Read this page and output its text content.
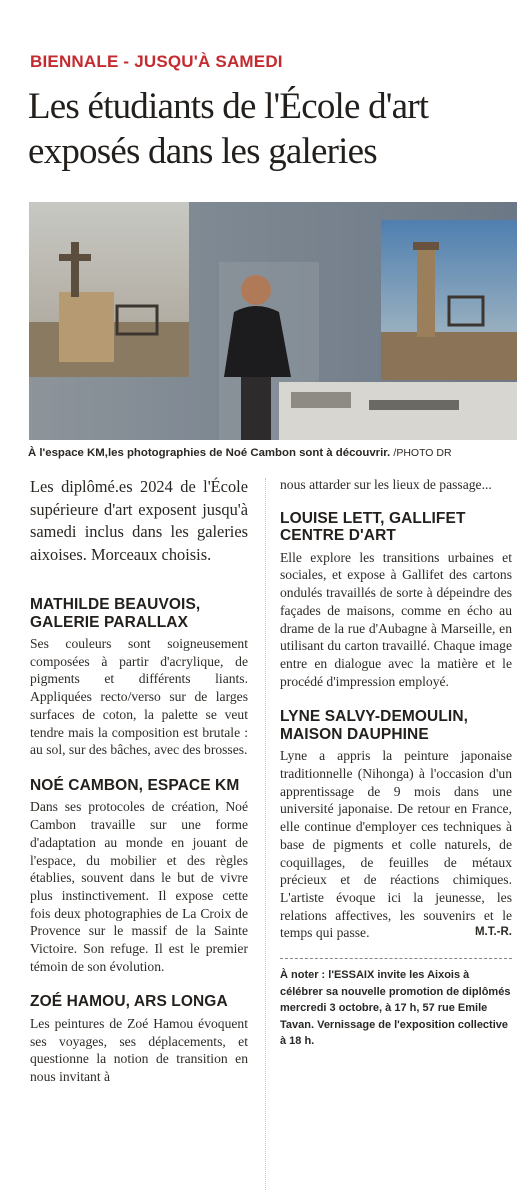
BIENNALE - JUSQU'À SAMEDI
Les étudiants de l'École d'art exposés dans les galeries
À l'espace KM,les photographies de Noé Cambon sont à découvrir. /PHOTO DR

Les diplômé.es 2024 de l'École supérieure d'art exposent jusqu'à samedi inclus dans les galeries aixoises. Morceaux choisis.

MATHILDE BEAUVOIS, GALERIE PARALLAX

Ses couleurs sont soigneusement composées à partir d'acrylique, de pigments et différents liants. Appliquées recto/verso sur de larges surfaces de coton, la palette se veut tendre mais la composition est brutale : au sol, sur des bâches, avec des brosses.

NOÉ CAMBON, ESPACE KM

Dans ses protocoles de création, Noé Cambon travaille sur une forme d'adaptation au monde en jouant de l'espace, du mobilier et des règles établies, souvent dans le but de vivre plus instinctivement. Il expose cette fois deux photographies de La Croix de Provence sur le massif de la Sainte Victoire. Son refuge. Il est le premier témoin de son évolution.

ZOÉ HAMOU, ARS LONGA

Les peintures de Zoé Hamou évoquent ses voyages, ses déplacements, et questionne la notion de transition en nous invitant à

nous attarder sur les lieux de passage...

LOUISE LETT, GALLIFET CENTRE D'ART

Elle explore les transitions urbaines et sociales, et expose à Gallifet des cartons ondulés travaillés de sorte à dépeindre des façades de maisons, comme en écho au drame de la rue d'Aubagne à Marseille, en utilisant du carton travaillé. Chaque image entre en dialogue avec la matière et le procédé d'impression employé.

LYNE SALVY-DEMOULIN, MAISON DAUPHINE

Lyne a appris la peinture japonaise traditionnelle (Nihonga) à l'occasion d'un apprentissage de 9 mois dans une université japonaise. De retour en France, elle continue d'employer ces techniques à base de pigments et colle naturels, de coquillages, de feuilles de métaux précieux et de réactions chimiques. L'artiste évoque ici la jeunesse, les relations affectives, les souvenirs et le temps qui passe.	M.T.-R.

À noter : l'ESSAIX invite les Aixois à célébrer sa nouvelle promotion de diplômés mercredi 3 octobre, à 17 h, 57 rue Emile Tavan. Vernissage de l'exposition collective à 18 h.
